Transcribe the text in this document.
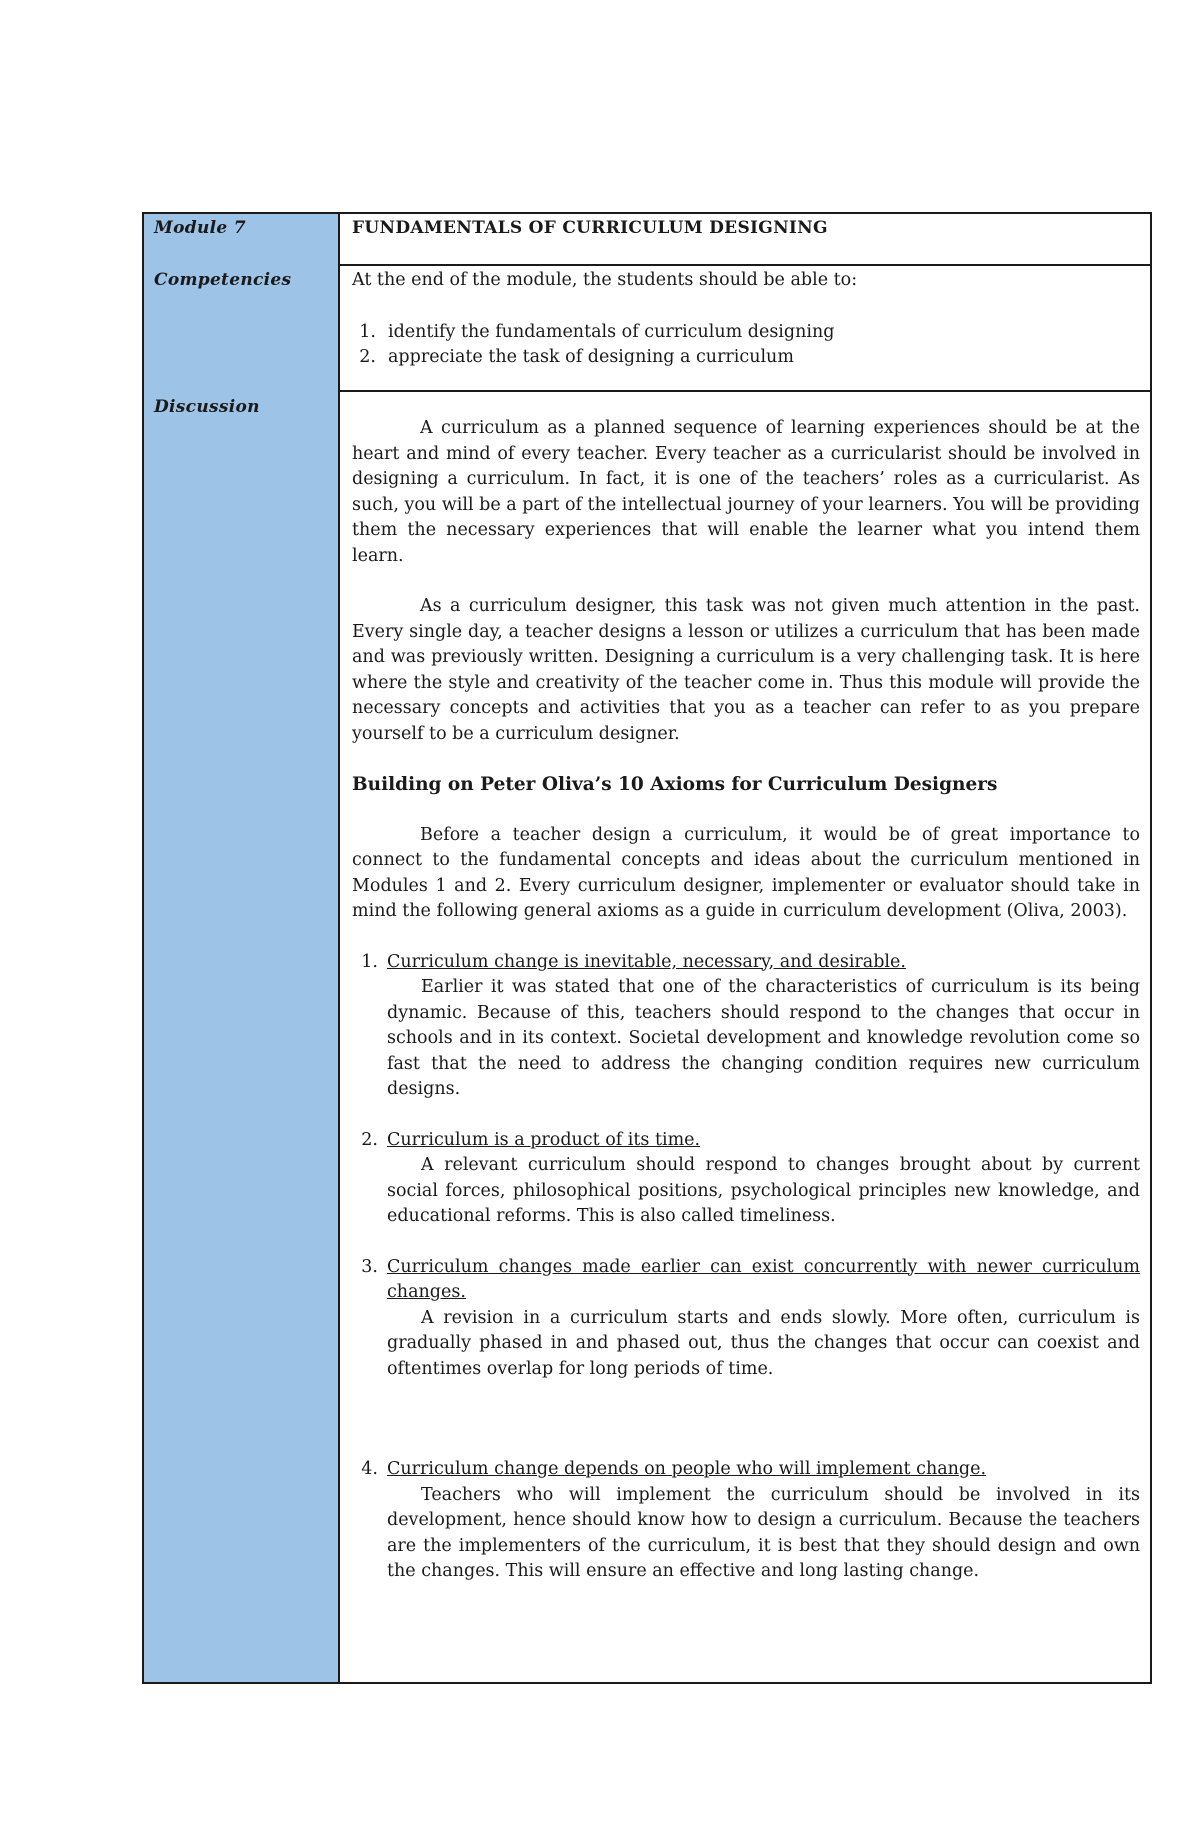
Module 7
Competencies
Discussion
FUNDAMENTALS OF CURRICULUM DESIGNING
At the end of the module, the students should be able to:
1. identify the fundamentals of curriculum designing
2. appreciate the task of designing a curriculum

A curriculum as a planned sequence of learning experiences should be at the heart and mind of every teacher. Every teacher as a curricularist should be involved in designing a curriculum. In fact, it is one of the teachers’ roles as a curricularist. As such, you will be a part of the intellectual journey of your learners. You will be providing them the necessary experiences that will enable the learner what you intend them learn.

As a curriculum designer, this task was not given much attention in the past. Every single day, a teacher designs a lesson or utilizes a curriculum that has been made and was previously written. Designing a curriculum is a very challenging task. It is here where the style and creativity of the teacher come in. Thus this module will provide the necessary concepts and activities that you as a teacher can refer to as you prepare yourself to be a curriculum designer.

Building on Peter Oliva’s 10 Axioms for Curriculum Designers

Before a teacher design a curriculum, it would be of great importance to connect to the fundamental concepts and ideas about the curriculum mentioned in Modules 1 and 2. Every curriculum designer, implementer or evaluator should take in mind the following general axioms as a guide in curriculum development (Oliva, 2003).

1. Curriculum change is inevitable, necessary, and desirable.

Earlier it was stated that one of the characteristics of curriculum is its being dynamic. Because of this, teachers should respond to the changes that occur in schools and in its context. Societal development and knowledge revolution come so fast that the need to address the changing condition requires new curriculum designs.

2. Curriculum is a product of its time.

A relevant curriculum should respond to changes brought about by current social forces, philosophical positions, psychological principles new knowledge, and educational reforms. This is also called timeliness.

3. Curriculum changes made earlier can exist concurrently with newer curriculum changes.

A revision in a curriculum starts and ends slowly. More often, curriculum is gradually phased in and phased out, thus the changes that occur can coexist and oftentimes overlap for long periods of time.

4. Curriculum change depends on people who will implement change.

Teachers who will implement the curriculum should be involved in its development, hence should know how to design a curriculum. Because the teachers are the implementers of the curriculum, it is best that they should design and own the changes. This will ensure an effective and long lasting change.
